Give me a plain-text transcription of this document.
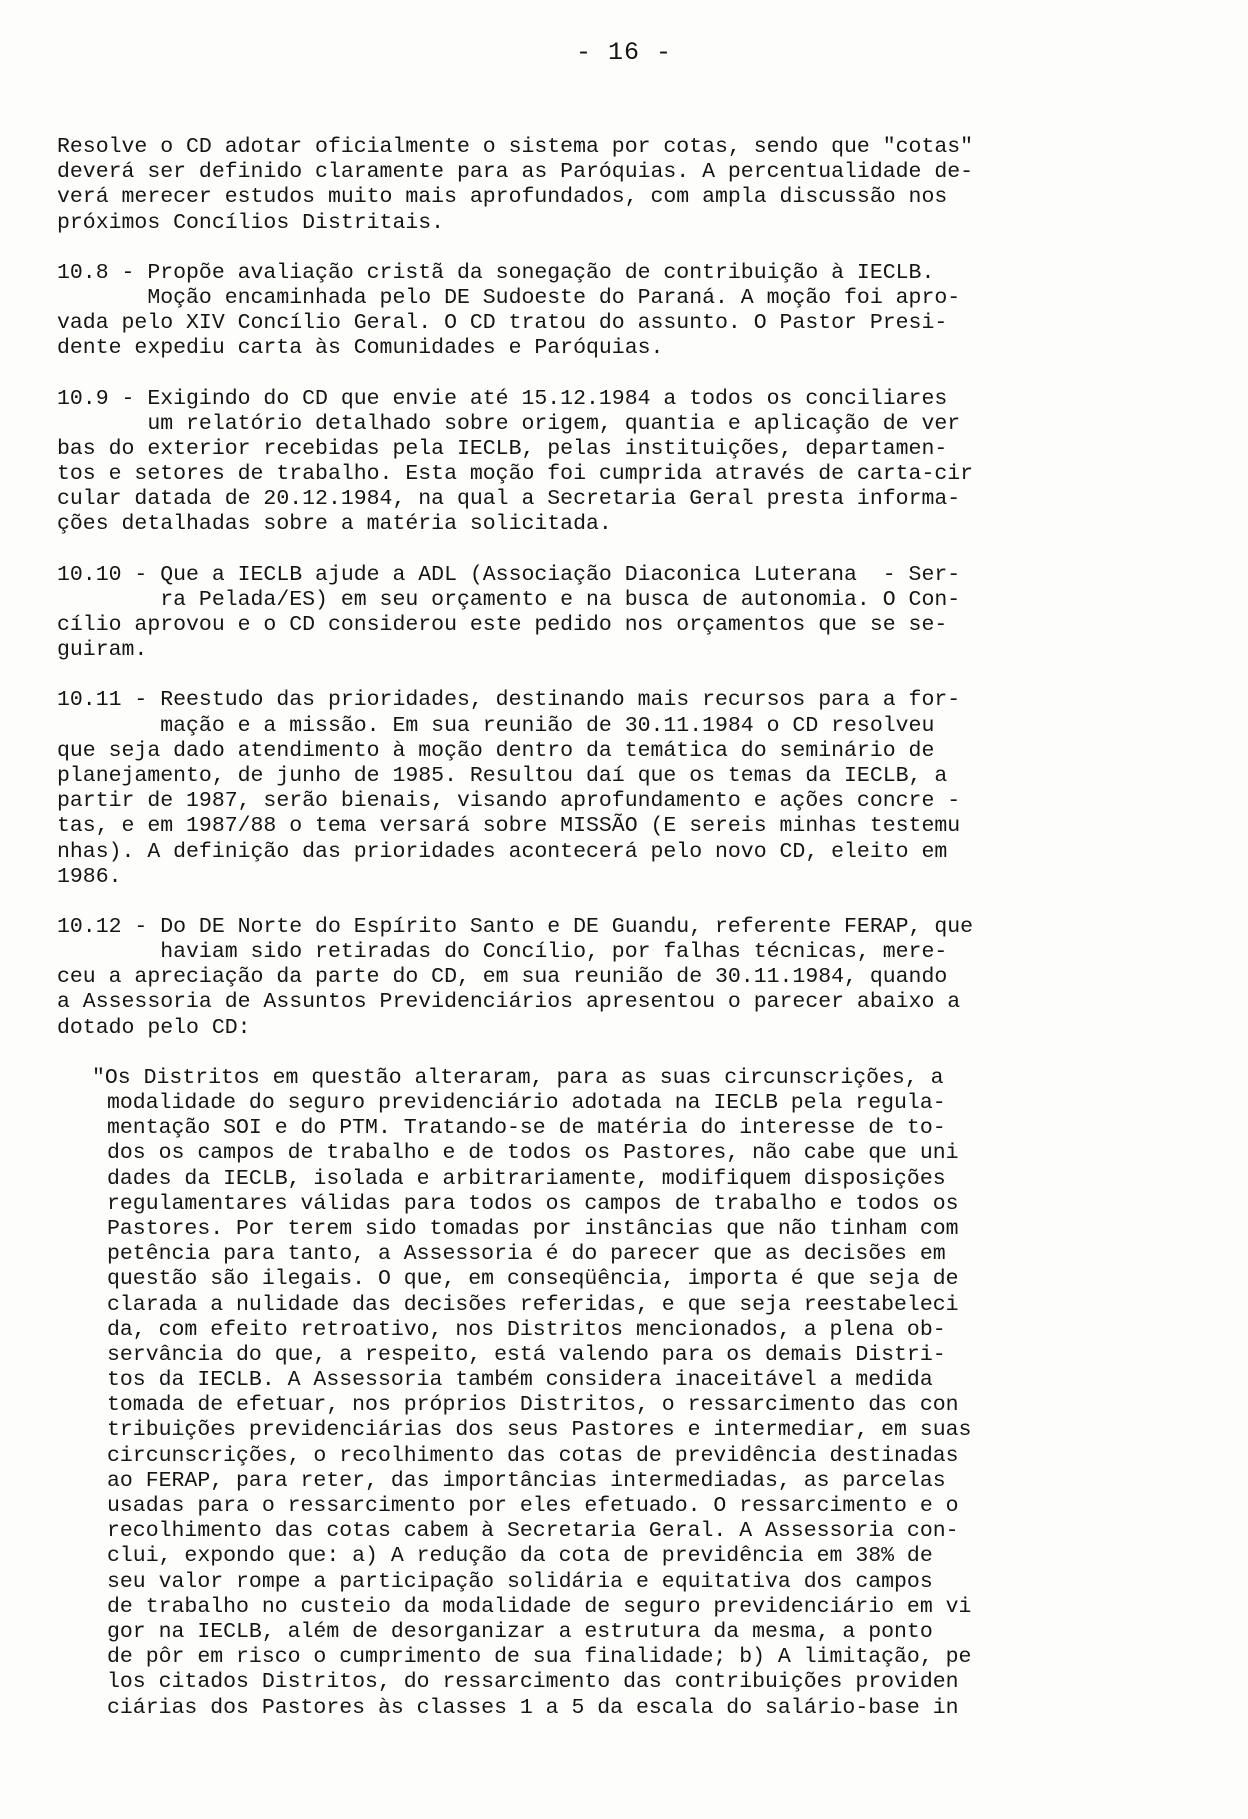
- 16 -
Resolve o CD adotar oficialmente o sistema por cotas, sendo que "cotas"
deverá ser definido claramente para as Paróquias. A percentualidade de-
verá merecer estudos muito mais aprofundados, com ampla discussão nos
próximos Concílios Distritais.
10.8 - Propõe avaliação cristã da sonegação de contribuição à IECLB.
Moção encaminhada pelo DE Sudoeste do Paraná. A moção foi apro-
vada pelo XIV Concílio Geral. O CD tratou do assunto. O Pastor Presi-
dente expediu carta às Comunidades e Paróquias.
10.9 - Exigindo do CD que envie até 15.12.1984 a todos os conciliares
um relatório detalhado sobre origem, quantia e aplicação de ver
bas do exterior recebidas pela IECLB, pelas instituições, departamen-
tos e setores de trabalho. Esta moção foi cumprida através de carta-cir
cular datada de 20.12.1984, na qual a Secretaria Geral presta informa-
ções detalhadas sobre a matéria solicitada.
10.10 - Que a IECLB ajude a ADL (Associação Diaconica Luterana  - Ser-
ra Pelada/ES) em seu orçamento e na busca de autonomia. O Con-
cílio aprovou e o CD considerou este pedido nos orçamentos que se se-
guiram.
10.11 - Reestudo das prioridades, destinando mais recursos para a for-
mação e a missão. Em sua reunião de 30.11.1984 o CD resolveu
que seja dado atendimento à moção dentro da temática do seminário de
planejamento, de junho de 1985. Resultou daí que os temas da IECLB, a
partir de 1987, serão bienais, visando aprofundamento e ações concre -
tas, e em 1987/88 o tema versará sobre MISSÃO (E sereis minhas testemu
nhas). A definição das prioridades acontecerá pelo novo CD, eleito em
1986.
10.12 - Do DE Norte do Espírito Santo e DE Guandu, referente FERAP, que
haviam sido retiradas do Concílio, por falhas técnicas, mere-
ceu a apreciação da parte do CD, em sua reunião de 30.11.1984, quando
a Assessoria de Assuntos Previdenciários apresentou o parecer abaixo a
dotado pelo CD:
"Os Distritos em questão alteraram, para as suas circunscrições, a
modalidade do seguro previdenciário adotada na IECLB pela regula-
mentação SOI e do PTM. Tratando-se de matéria do interesse de to-
dos os campos de trabalho e de todos os Pastores, não cabe que uni
dades da IECLB, isolada e arbitrariamente, modifiquem disposições
regulamentares válidas para todos os campos de trabalho e todos os
Pastores. Por terem sido tomadas por instâncias que não tinham com
petência para tanto, a Assessoria é do parecer que as decisões em
questão são ilegais. O que, em conseqüência, importa é que seja de
clarada a nulidade das decisões referidas, e que seja reestabeleci
da, com efeito retroativo, nos Distritos mencionados, a plena ob-
servância do que, a respeito, está valendo para os demais Distri-
tos da IECLB. A Assessoria também considera inaceitável a medida
tomada de efetuar, nos próprios Distritos, o ressarcimento das con
tribuições previdenciárias dos seus Pastores e intermediar, em suas
circunscrições, o recolhimento das cotas de previdência destinadas
ao FERAP, para reter, das importâncias intermediadas, as parcelas
usadas para o ressarcimento por eles efetuado. O ressarcimento e o
recolhimento das cotas cabem à Secretaria Geral. A Assessoria con-
clui, expondo que: a) A redução da cota de previdência em 38% de
seu valor rompe a participação solidária e equitativa dos campos
de trabalho no custeio da modalidade de seguro previdenciário em vi
gor na IECLB, além de desorganizar a estrutura da mesma, a ponto
de pôr em risco o cumprimento de sua finalidade; b) A limitação, pe
los citados Distritos, do ressarcimento das contribuições providen
ciárias dos Pastores às classes 1 a 5 da escala do salário-base in
